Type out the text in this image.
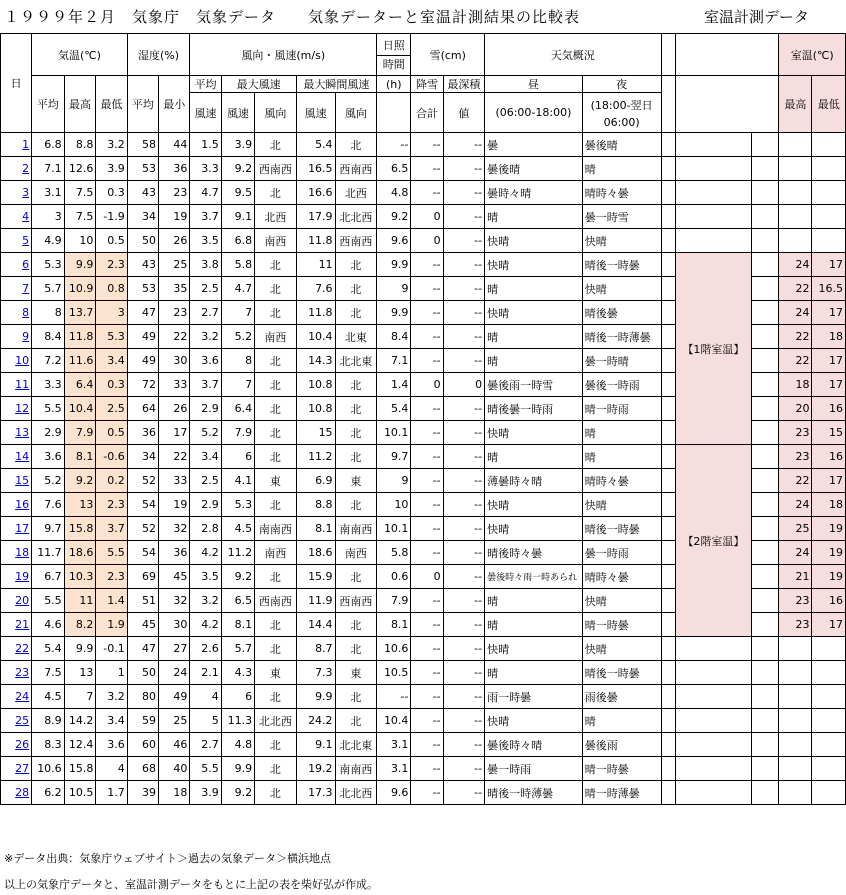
１９９９年２月　気象庁　気象データ　　気象データーと室温計測結果の比較表	室温計測データ
日	気温(℃)			湿度(%)		風向・風速(m/s)					日照
時間	雪(cm)		天気概況					室温(℃)	
	平均	最高	最低	平均	最小	平均	最大風速		最大瞬間風速		(h)	降雪	最深積	昼	夜				最高	最低
						風速	風速	風向	風速	風向		合計	値	(06:00-18:00)	(18:00-翌日
06:00)					

1	6.8	8.8	3.2	58	44	1.5	3.9	北	5.4	北	--	--	--	曇	曇後晴					
2	7.1	12.6	3.9	53	36	3.3	9.2	西南西	16.5	西南西	6.5	--	--	曇後晴	晴					
3	3.1	7.5	0.3	43	23	4.7	9.5	北	16.6	北西	4.8	--	--	曇時々晴	晴時々曇					
4	3	7.5	-1.9	34	19	3.7	9.1	北西	17.9	北北西	9.2	0	--	晴	曇一時雪					
5	4.9	10	0.5	50	26	3.5	6.8	南西	11.8	西南西	9.6	0	--	快晴	快晴					
6	5.3	9.9	2.3	43	25	3.8	5.8	北	11	北	9.9	--	--	快晴	晴後一時曇		【1階室温】		24	17
7	5.7	10.9	0.8	53	35	2.5	4.7	北	7.6	北	9	--	--	晴	快晴				22	16.5
8	8	13.7	3	47	23	2.7	7	北	11.8	北	9.9	--	--	快晴	晴後曇				24	17
9	8.4	11.8	5.3	49	22	3.2	5.2	南西	10.4	北東	8.4	--	--	晴	晴後一時薄曇				22	18
10	7.2	11.6	3.4	49	30	3.6	8	北	14.3	北北東	7.1	--	--	晴	曇一時晴				22	17
11	3.3	6.4	0.3	72	33	3.7	7	北	10.8	北	1.4	0	0	曇後雨一時雪	曇後一時雨				18	17
12	5.5	10.4	2.5	64	26	2.9	6.4	北	10.8	北	5.4	--	--	晴後曇一時雨	晴一時雨				20	16
13	2.9	7.9	0.5	36	17	5.2	7.9	北	15	北	10.1	--	--	快晴	晴				23	15
14	3.6	8.1	-0.6	34	22	3.4	6	北	11.2	北	9.7	--	--	晴	晴		【2階室温】		23	16
15	5.2	9.2	0.2	52	33	2.5	4.1	東	6.9	東	9	--	--	薄曇時々晴	晴時々曇				22	17
16	7.6	13	2.3	54	19	2.9	5.3	北	8.8	北	10	--	--	快晴	快晴				24	18
17	9.7	15.8	3.7	52	32	2.8	4.5	南南西	8.1	南南西	10.1	--	--	快晴	晴後一時曇				25	19
18	11.7	18.6	5.5	54	36	4.2	11.2	南西	18.6	南西	5.8	--	--	晴後時々曇	曇一時雨				24	19
19	6.7	10.3	2.3	69	45	3.5	9.2	北	15.9	北	0.6	0	--	曇後時々雨一時あられ	晴時々曇				21	19
20	5.5	11	1.4	51	32	3.2	6.5	西南西	11.9	西南西	7.9	--	--	晴	快晴				23	16
21	4.6	8.2	1.9	45	30	4.2	8.1	北	14.4	北	8.1	--	--	晴	晴一時曇				23	17
22	5.4	9.9	-0.1	47	27	2.6	5.7	北	8.7	北	10.6	--	--	快晴	快晴					
23	7.5	13	1	50	24	2.1	4.3	東	7.3	東	10.5	--	--	晴	晴後一時曇					
24	4.5	7	3.2	80	49	4	6	北	9.9	北	--	--	--	雨一時曇	雨後曇					
25	8.9	14.2	3.4	59	25	5	11.3	北北西	24.2	北	10.4	--	--	快晴	晴					
26	8.3	12.4	3.6	60	46	2.7	4.8	北	9.1	北北東	3.1	--	--	曇後時々晴	曇後雨					
27	10.6	15.8	4	68	40	5.5	9.9	北	19.2	南南西	3.1	--	--	曇一時雨	晴一時曇					
28	6.2	10.5	1.7	39	18	3.9	9.2	北	17.3	北北西	9.6	--	--	晴後一時薄曇	晴一時薄曇					
※データ出典：気象庁ウェブサイト＞過去の気象データ＞横浜地点
以上の気象庁データと、室温計測データをもとに上記の表を柴好弘が作成。
